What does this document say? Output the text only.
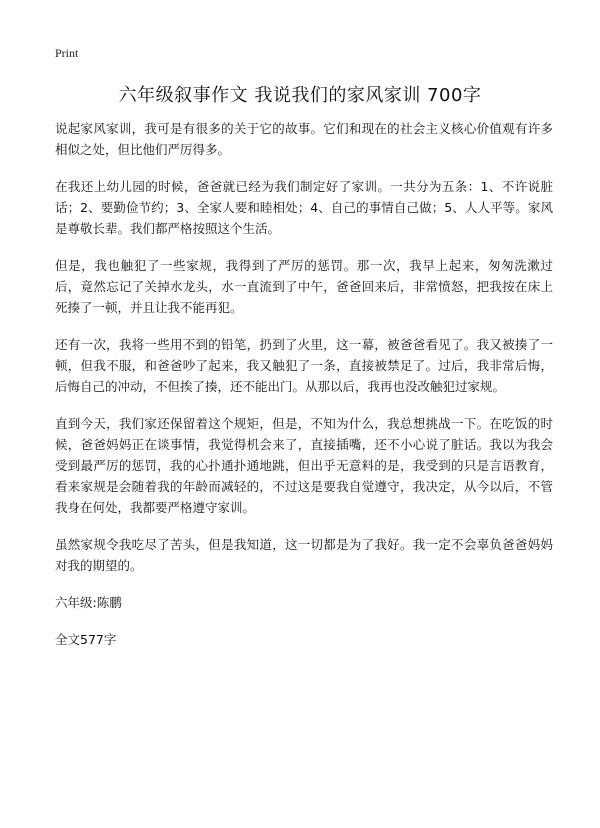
Print
六年级叙事作文 我说我们的家风家训 700字

说起家风家训，我可是有很多的关于它的故事。它们和现在的社会主义核心价值观有许多相似之处，但比他们严厉得多。

在我还上幼儿园的时候，爸爸就已经为我们制定好了家训。一共分为五条：1、不许说脏话；2、要勤俭节约；3、全家人要和睦相处；4、自己的事情自己做；5、人人平等。家风是尊敬长辈。我们都严格按照这个生活。

但是，我也触犯了一些家规，我得到了严厉的惩罚。那一次，我早上起来，匆匆洗漱过后，竟然忘记了关掉水龙头，水一直流到了中午，爸爸回来后，非常愤怒，把我按在床上死揍了一顿，并且让我不能再犯。

还有一次，我将一些用不到的铅笔，扔到了火里，这一幕，被爸爸看见了。我又被揍了一顿，但我不服，和爸爸吵了起来，我又触犯了一条，直接被禁足了。过后，我非常后悔，后悔自己的冲动，不但挨了揍，还不能出门。从那以后，我再也没改触犯过家规。

直到今天，我们家还保留着这个规矩，但是，不知为什么，我总想挑战一下。在吃饭的时候，爸爸妈妈正在谈事情，我觉得机会来了，直接插嘴，还不小心说了脏话。我以为我会受到最严厉的惩罚，我的心扑通扑通地跳，但出乎无意料的是，我受到的只是言语教育，看来家规是会随着我的年龄而减轻的，不过这是要我自觉遵守，我决定，从今以后，不管我身在何处，我都要严格遵守家训。

虽然家规令我吃尽了苦头，但是我知道，这一切都是为了我好。我一定不会辜负爸爸妈妈对我的期望的。

六年级:陈鹏

全文577字
